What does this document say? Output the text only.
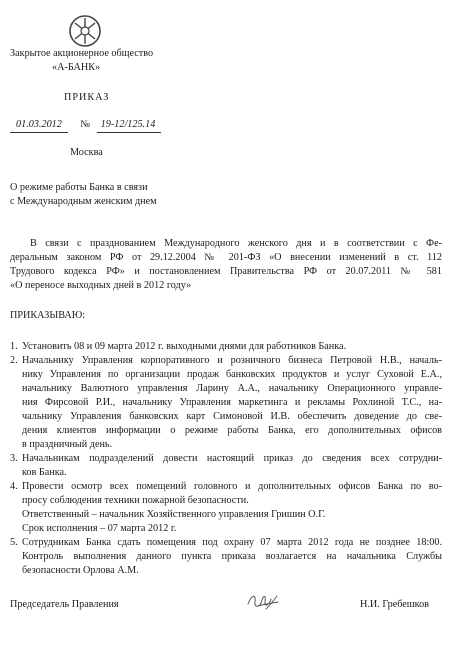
Закрытое акционерное общество
«А-БАНК»
ПРИКАЗ
01.03.2012 № 19-12/125.14
Москва
О режиме работы Банка в связи
с Международным женским днем
В связи с празднованием Международного женского дня и в соответствии с Фе-
деральным законом РФ от 29.12.2004 № 201-ФЗ «О внесении изменений в ст. 112
Трудового кодекса РФ» и постановлением Правительства РФ от 20.07.2011 № 581
«О переносе выходных дней в 2012 году»
ПРИКАЗЫВАЮ:
1. Установить 08 и 09 марта 2012 г. выходными днями для работников Банка.
2. Начальнику Управления корпоративного и розничного бизнеса Петровой Н.В., началь-
нику Управления по организации продаж банковских продуктов и услуг Суховой Е.А.,
начальнику Валютного управления Ларину А.А., начальнику Операционного управле-
ния Фирсовой Р.И., начальнику Управления маркетинга и рекламы Рохлиной Т.С., на-
чальнику Управления банковских карт Симоновой И.В. обеспечить доведение до све-
дения клиентов информации о режиме работы Банка, его дополнительных офисов
в праздничный день.
3. Начальникам подразделений довести настоящий приказ до сведения всех сотрудни-
ков Банка.
4. Провести осмотр всех помещений головного и дополнительных офисов Банка по во-
просу соблюдения техники пожарной безопасности.
Ответственный – начальник Хозяйственного управления Гришин О.Г.
Срок исполнения – 07 марта 2012 г.
5. Сотрудникам Банка сдать помещения под охрану 07 марта 2012 года не позднее 18:00.
Контроль выполнения данного пункта приказа возлагается на начальника Службы
безопасности Орлова А.М.
Председатель Правления	Н.И. Гребешков
